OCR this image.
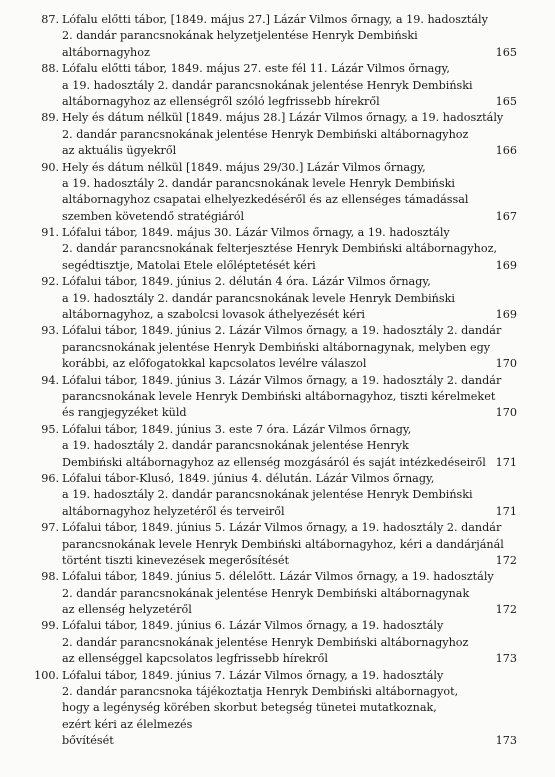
87. Lófalu előtti tábor, [1849. május 27.] Lázár Vilmos őrnagy, a 19. hadosztály
2. dandár parancsnokának helyzetjelentése Henryk Dembiński
altábornagyhoz	165
88. Lófalu előtti tábor, 1849. május 27. este fél 11. Lázár Vilmos őrnagy,
a 19. hadosztály 2. dandár parancsnokának jelentése Henryk Dembiński
altábornagyhoz az ellenségről szóló legfrissebb hírekről	165
89. Hely és dátum nélkül [1849. május 28.] Lázár Vilmos őrnagy, a 19. hadosztály
2. dandár parancsnokának jelentése Henryk Dembiński altábornagyhoz
az aktuális ügyekről	166
90. Hely és dátum nélkül [1849. május 29/30.] Lázár Vilmos őrnagy,
a 19. hadosztály 2. dandár parancsnokának levele Henryk Dembiński
altábornagyhoz csapatai elhelyezkedéséről és az ellenséges támadással
szemben követendő stratégiáról	167
91. Lófalui tábor, 1849. május 30. Lázár Vilmos őrnagy, a 19. hadosztály
2. dandár parancsnokának felterjesztése Henryk Dembiński altábornagyhoz,
segédtisztje, Matolai Etele előléptetését kéri	169
92. Lófalui tábor, 1849. június 2. délután 4 óra. Lázár Vilmos őrnagy,
a 19. hadosztály 2. dandár parancsnokának levele Henryk Dembiński
altábornagyhoz, a szabolcsi lovasok áthelyezését kéri	169
93. Lófalui tábor, 1849. június 2. Lázár Vilmos őrnagy, a 19. hadosztály 2. dandár
parancsnokának jelentése Henryk Dembiński altábornagynak, melyben egy
korábbi, az előfogatokkal kapcsolatos levélre válaszol	170
94. Lófalui tábor, 1849. június 3. Lázár Vilmos őrnagy, a 19. hadosztály 2. dandár
parancsnokának levele Henryk Dembiński altábornagyhoz, tiszti kérelmeket
és rangjegyzéket küld	170
95. Lófalui tábor, 1849. június 3. este 7 óra. Lázár Vilmos őrnagy,
a 19. hadosztály 2. dandár parancsnokának jelentése Henryk
Dembiński altábornagyhoz az ellenség mozgásáról és saját intézkedéseiről 171
96. Lófalui tábor-Klusó, 1849. június 4. délután. Lázár Vilmos őrnagy,
a 19. hadosztály 2. dandár parancsnokának jelentése Henryk Dembiński
altábornagyhoz helyzetéről és terveiről	171
97. Lófalui tábor, 1849. június 5. Lázár Vilmos őrnagy, a 19. hadosztály 2. dandár
parancsnokának levele Henryk Dembiński altábornagyhoz, kéri a dandárjánál
történt tiszti kinevezések megerősítését	172
98. Lófalui tábor, 1849. június 5. délelőtt. Lázár Vilmos őrnagy, a 19. hadosztály
2. dandár parancsnokának jelentése Henryk Dembiński altábornagynak
az ellenség helyzetéről	172
99. Lófalui tábor, 1849. június 6. Lázár Vilmos őrnagy, a 19. hadosztály
2. dandár parancsnokának jelentése Henryk Dembiński altábornagyhoz
az ellenséggel kapcsolatos legfrissebb hírekről	173
100. Lófalui tábor, 1849. június 7. Lázár Vilmos őrnagy, a 19. hadosztály
2. dandár parancsnoka tájékoztatja Henryk Dembiński altábornagyot,
hogy a legénység körében skorbut betegség tünetei mutatkoznak,
ezért kéri az élelmezés
bővítését	173
